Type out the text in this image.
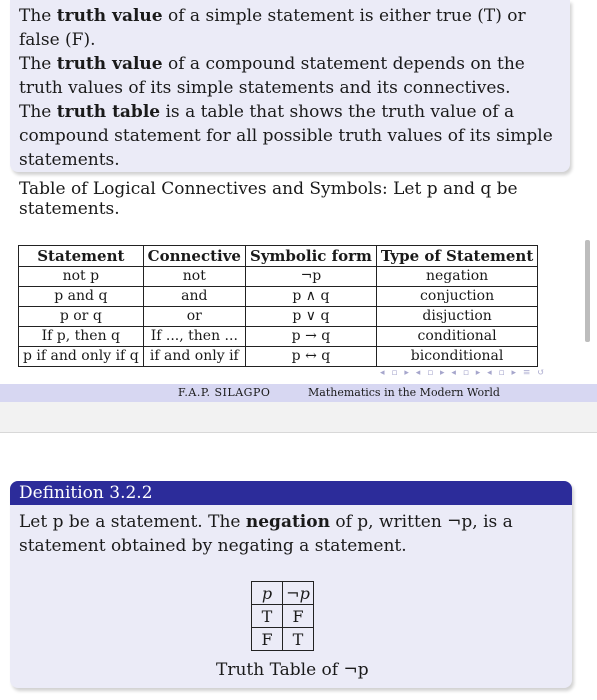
The truth value of a simple statement is either true (T) or false (F).

The truth value of a compound statement depends on the truth values of its simple statements and its connectives.

The truth table is a table that shows the truth value of a compound statement for all possible truth values of its simple statements.

Table of Logical Connectives and Symbols: Let p and q be statements.
Statement	Connective	Symbolic form	Type of Statement
not p	not	¬p	negation
p and q	and	p ∧ q	conjuction
p or q	or	p ∨ q	disjuction
If p, then q	If ..., then ...	p → q	conditional
p if and only if q	if and only if	p ↔ q	biconditional
◂ ▫ ▸ ◂ ▫ ▸ ◂ ▫ ▸ ◂ ▫ ▸ ≡ ↺
F.A.P. SILAGPO	Mathematics in the Modern World
Definition 3.2.2
Let p be a statement. The negation of p, written ¬p, is a statement obtained by negating a statement.
p	¬p
T	F
F	T
Truth Table of ¬p
